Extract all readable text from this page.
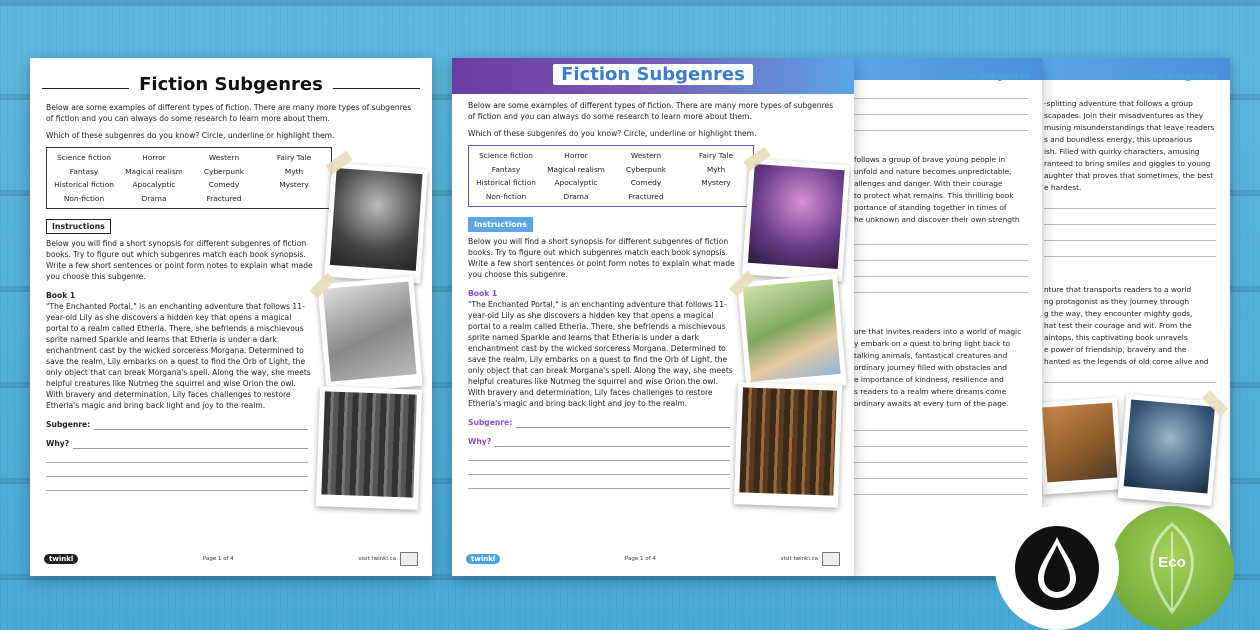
Fiction Subgenres

Below are some examples of different types of fiction. There are many more types of subgenres of fiction and you can always do some research to learn more about them.

Which of these subgenres do you know? Circle, underline or highlight them.

Science fiction	Horror	Western	Fairy Tale
Fantasy	Magical realism	Cyberpunk	Myth
Historical fiction	Apocalyptic	Comedy	Mystery
Non-fiction	Drama	Fractured
Instructions

Below you will find a short synopsis for different subgenres of fiction books. Try to figure out which subgenres match each book synopsis. Write a few short sentences or point form notes to explain what made you choose this subgenre.

Book 1

"The Enchanted Portal," is an enchanting adventure that follows 11-year-old Lily as she discovers a hidden key that opens a magical portal to a realm called Etheria. There, she befriends a mischievous sprite named Sparkle and learns that Etheria is under a dark enchantment cast by the wicked sorceress Morgana. Determined to save the realm, Lily embarks on a quest to find the Orb of Light, the only object that can break Morgana's spell. Along the way, she meets helpful creatures like Nutmeg the squirrel and wise Orion the owl. With bravery and determination, Lily faces challenges to restore Etheria's magic and bring back light and joy to the realm.

Subgenre:
Why?
twinkl	Page 1 of 4	visit twinkl.ca
Fiction Subgenres

Below are some examples of different types of fiction. There are many more types of subgenres of fiction and you can always do some research to learn more about them.

Which of these subgenres do you know? Circle, underline or highlight them.

Science fiction	Horror	Western	Fairy Tale
Fantasy	Magical realism	Cyberpunk	Myth
Historical fiction	Apocalyptic	Comedy	Mystery
Non-fiction	Drama	Fractured
Instructions

Below you will find a short synopsis for different subgenres of fiction books. Try to figure out which subgenres match each book synopsis. Write a few short sentences or point form notes to explain what made you choose this subgenre.

Book 1

"The Enchanted Portal," is an enchanting adventure that follows 11-year-old Lily as she discovers a hidden key that opens a magical portal to a realm called Etheria. There, she befriends a mischievous sprite named Sparkle and learns that Etheria is under a dark enchantment cast by the wicked sorceress Morgana. Determined to save the realm, Lily embarks on a quest to find the Orb of Light, the only object that can break Morgana's spell. Along the way, she meets helpful creatures like Nutmeg the squirrel and wise Orion the owl. With bravery and determination, Lily faces challenges to restore Etheria's magic and bring back light and joy to the realm.

Subgenre:
Why?
twinkl	Page 1 of 4	visit twinkl.ca
Fiction Subgenres
follows a group of brave young people in
unfold and nature becomes unpredictable,
allenges and danger. With their courage
to protect what remains. This thrilling book
portance of standing together in times of
he unknown and discover their own strength
ure that invites readers into a world of magic
y embark on a quest to bring light back to
talking animals, fantastical creatures and
ordinary journey filled with obstacles and
e importance of kindness, resilience and
s readers to a realm where dreams come
ordinary awaits at every turn of the page.
Fiction Subgenres
-splitting adventure that follows a group
scapades. Join their misadventures as they
musing misunderstandings that leave readers
s and boundless energy, this uproarious
ish. Filled with quirky characters, amusing
ranteed to bring smiles and giggles to young
aughter that proves that sometimes, the best
e hardest.
nture that transports readers to a world
ng protagonist as they journey through
g the way, they encounter mighty gods,
hat test their courage and wit. From the
aintops, this captivating book unravels
e power of friendship, bravery and the
hanted as the legends of old come alive and
Eco
